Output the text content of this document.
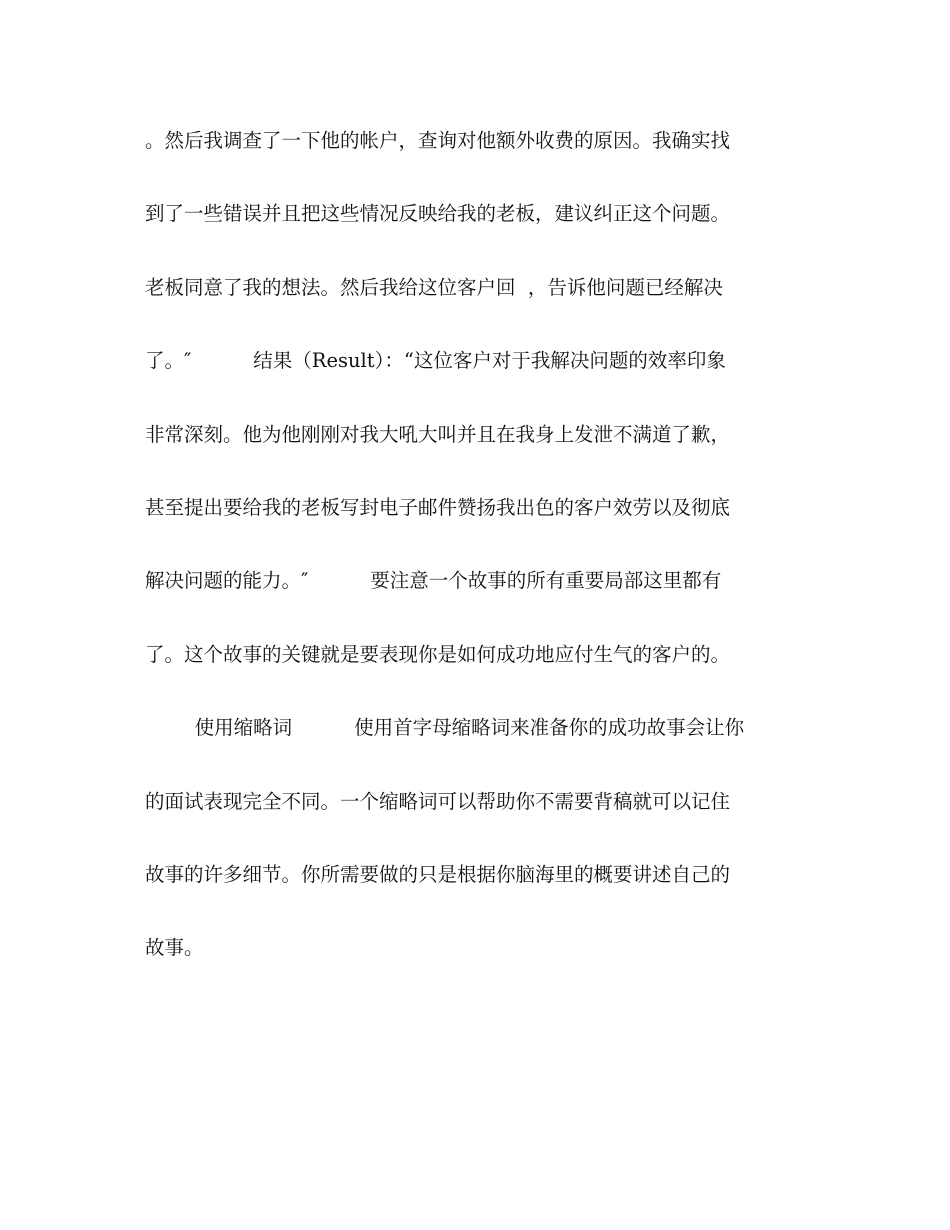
。然后我调查了一下他的帐户，查询对他额外收费的原因。我确实找
到了一些错误并且把这些情况反映给我的老板，建议纠正这个问题。
老板同意了我的想法。然后我给这位客户回  ，告诉他问题已经解决
了。″          结果（Result）：“这位客户对于我解决问题的效率印象
非常深刻。他为他刚刚对我大吼大叫并且在我身上发泄不满道了歉，
甚至提出要给我的老板写封电子邮件赞扬我出色的客户效劳以及彻底
解决问题的能力。″          要注意一个故事的所有重要局部这里都有
了。这个故事的关键就是要表现你是如何成功地应付生气的客户的。
使用缩略词          使用首字母缩略词来准备你的成功故事会让你
的面试表现完全不同。一个缩略词可以帮助你不需要背稿就可以记住
故事的许多细节。你所需要做的只是根据你脑海里的概要讲述自己的
故事。
